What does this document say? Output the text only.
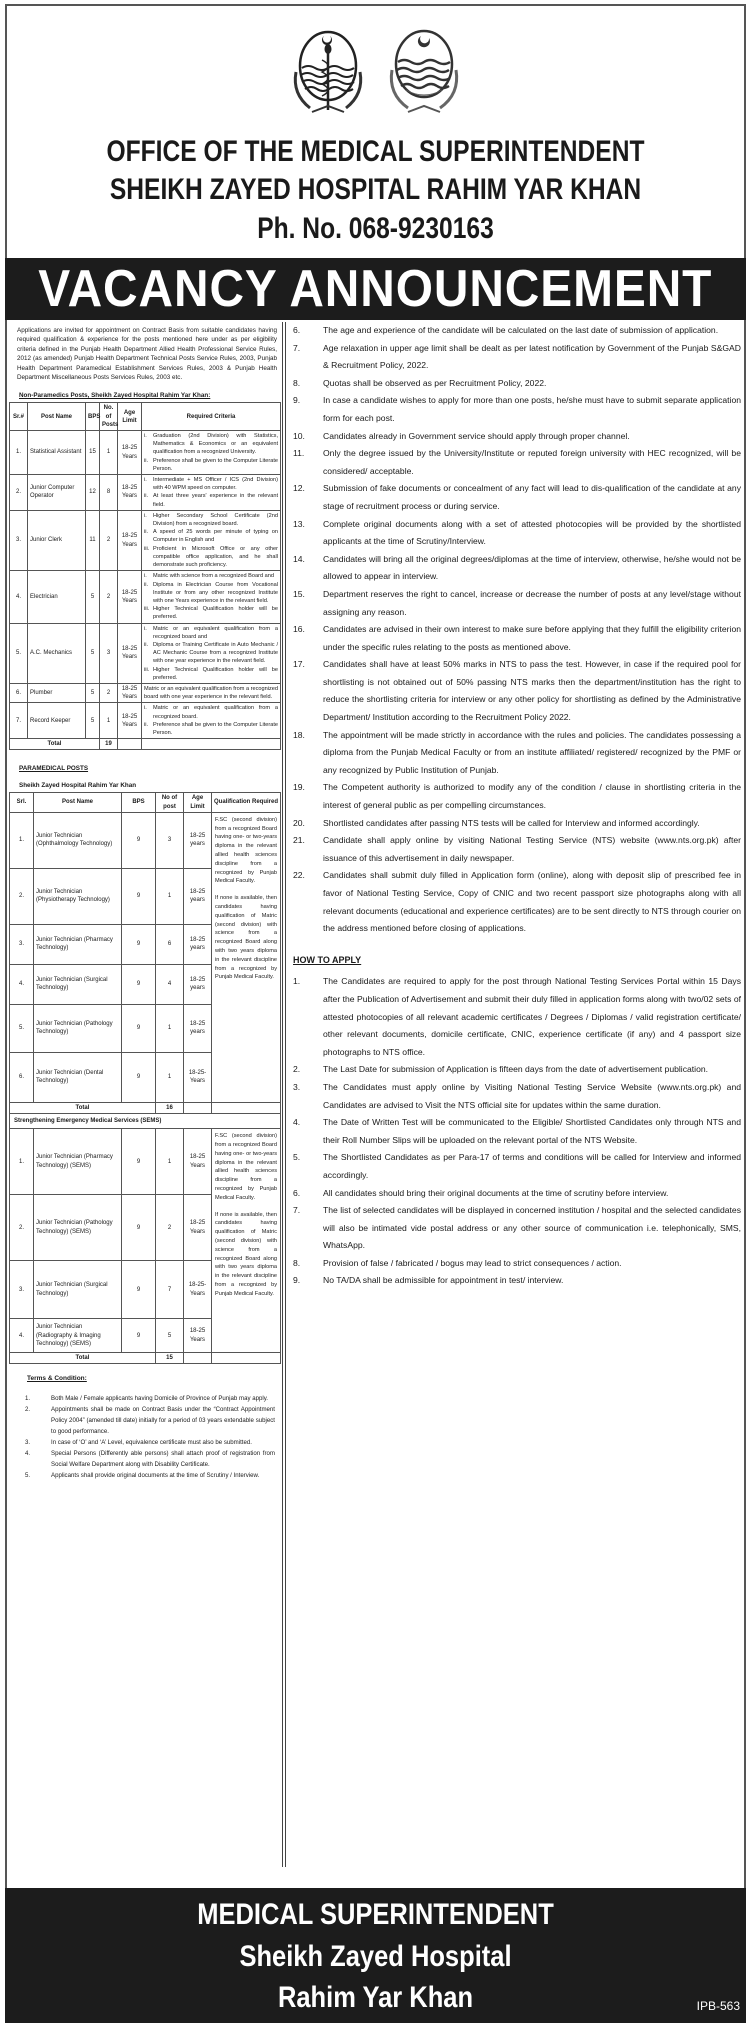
OFFICE OF THE MEDICAL SUPERINTENDENT
SHEIKH ZAYED HOSPITAL RAHIM YAR KHAN
Ph. No. 068-9230163
VACANCY ANNOUNCEMENT

Applications are invited for appointment on Contract Basis from suitable candidates having required qualification & experience for the posts mentioned here under as per eligibility criteria defined in the Punjab Health Department Allied Health Professional Service Rules, 2012 (as amended) Punjab Health Department Technical Posts Service Rules, 2003, Punjab Health Department Paramedical Establishment Services Rules, 2003 & Punjab Health Department Miscellaneous Posts Services Rules, 2003 etc.

Non-Paramedics Posts, Sheikh Zayed Hospital Rahim Yar Khan:
Sr.#	Post Name	BPS	No. of Posts	Age Limit	Required Criteria
1.	Statistical Assistant	15	1	18-25 Years	
i. Graduation (2nd Division) with Statistics, Mathematics & Economics or an equivalent qualification from a recognized University.
ii. Preference shall be given to the Computer Literate Person.

2.	Junior Computer Operator	12	8	18-25 Years	
i. Intermediate + MS Officer / ICS (2nd Division) with 40 WPM speed on computer.
ii. At least three years' experience in the relevant field.

3.	Junior Clerk	11	2	18-25 Years	
i. Higher Secondary School Certificate (2nd Division) from a recognized board.
ii. A speed of 25 words per minute of typing on Computer in English and
iii. Proficient in Microsoft Office or any other compatible office application, and he shall demonstrate such proficiency.

4.	Electrician	5	2	18-25 Years	
i. Matric with science from a recognized Board and
ii. Diploma in Electrician Course from Vocational Institute or from any other recognized Institute with one Years experience in the relevant field.
iii. Higher Technical Qualification holder will be preferred.

5.	A.C. Mechanics	5	3	18-25 Years	
i. Matric or an equivalent qualification from a recognized board and
ii. Diploma or Training Certificate in Auto Mechanic / AC Mechanic Course from a recognized Institute with one year experience in the relevant field.
iii. Higher Technical Qualification holder will be preferred.

6.	Plumber	5	2	18-25 Years	
Matric or an equivalent qualification from a recognized board with one year experience in the relevant field.

7.	Record Keeper	5	1	18-25 Years	
i. Matric or an equivalent qualification from a recognized board.
ii. Preference shall be given to the Computer Literate Person.

Total			19		
PARAMEDICAL POSTS
Sheikh Zayed Hospital Rahim Yar Khan
Srl.	Post Name	BPS	No of post	Age Limit	Qualification Required
1.	Junior Technician (Ophthalmology Technology)	9	3	18-25 years	F.SC (second division) from a recognized Board having one- or two-years diploma in the relevant allied health sciences discipline from a recognized by Punjab Medical Faculty.

If none is available, then candidates having qualification of Matric (second division) with science from a recognized Board along with two years diploma in the relevant discipline from a recognized by Punjab Medical Faculty.

2.	Junior Technician (Physiotherapy Technology)	9	1	18-25 years	
3.	Junior Technician (Pharmacy Technology)	9	6	18-25 years	
4.	Junior Technician (Surgical Technology)	9	4	18-25 years	
5.	Junior Technician (Pathology Technology)	9	1	18-25 years	
6.	Junior Technician (Dental Technology)	9	1	18-25- Years	
Total			16		
Strengthening Emergency Medical Services (SEMS)					
1.	Junior Technician (Pharmacy Technology) (SEMS)	9	1	18-25 Years	F.SC (second division) from a recognized Board having one- or two-years diploma in the relevant allied health sciences discipline from a recognized by Punjab Medical Faculty.

If none is available, then candidates having qualification of Matric (second division) with science from a recognized Board along with two years diploma in the relevant discipline from a recognized by Punjab Medical Faculty.

2.	Junior Technician (Pathology Technology) (SEMS)	9	2	18-25 Years	
3.	Junior Technician (Surgical Technology)	9	7	18-25- Years	
4.	Junior Technician (Radiography & Imaging Technology) (SEMS)	9	5	18-25 Years	
Total			15		
Terms & Condition:
1.	Both Male / Female applicants having Domicile of Province of Punjab may apply.
2.	Appointments shall be made on Contract Basis under the “Contract Appointment Policy 2004” (amended till date) initially for a period of 03 years extendable subject to good performance.
3.	In case of ‘O’ and ‘A’ Level, equivalence certificate must also be submitted.
4.	Special Persons (Differently able persons) shall attach proof of registration from Social Welfare Department along with Disability Certificate.
5.	Applicants shall provide original documents at the time of Scrutiny / Interview.
6.	The age and experience of the candidate will be calculated on the last date of submission of application.
7.	Age relaxation in upper age limit shall be dealt as per latest notification by Government of the Punjab S&GAD & Recruitment Policy, 2022.
8.	Quotas shall be observed as per Recruitment Policy, 2022.
9.	In case a candidate wishes to apply for more than one posts, he/she must have to submit separate application form for each post.
10. Candidates already in Government service should apply through proper channel.
11. Only the degree issued by the University/Institute or reputed foreign university with HEC recognized, will be considered/ acceptable.
12. Submission of fake documents or concealment of any fact will lead to dis-qualification of the candidate at any stage of recruitment process or during service.
13. Complete original documents along with a set of attested photocopies will be provided by the shortlisted applicants at the time of Scrutiny/Interview.
14. Candidates will bring all the original degrees/diplomas at the time of interview, otherwise, he/she would not be allowed to appear in interview.
15. Department reserves the right to cancel, increase or decrease the number of posts at any level/stage without assigning any reason.
16. Candidates are advised in their own interest to make sure before applying that they fulfill the eligibility criterion under the specific rules relating to the posts as mentioned above.
17. Candidates shall have at least 50% marks in NTS to pass the test. However, in case if the required pool for shortlisting is not obtained out of 50% passing NTS marks then the department/institution has the right to reduce the shortlisting criteria for interview or any other policy for shortlisting as defined by the Administrative Department/ Institution according to the Recruitment Policy 2022.
18. The appointment will be made strictly in accordance with the rules and policies. The candidates possessing a diploma from the Punjab Medical Faculty or from an institute affiliated/ registered/ recognized by the PMF or any recognized by Public Institution of Punjab.
19. The Competent authority is authorized to modify any of the condition / clause in shortlisting criteria in the interest of general public as per compelling circumstances.
20. Shortlisted candidates after passing NTS tests will be called for Interview and informed accordingly.
21. Candidate shall apply online by visiting National Testing Service (NTS) website (www.nts.org.pk) after issuance of this advertisement in daily newspaper.
22. Candidates shall submit duly filled in Application form (online), along with deposit slip of prescribed fee in favor of National Testing Service, Copy of CNIC and two recent passport size photographs along with all relevant documents (educational and experience certificates) are to be sent directly to NTS through courier on the address mentioned before closing of applications.
HOW TO APPLY
1.	The Candidates are required to apply for the post through National Testing Services Portal within 15 Days after the Publication of Advertisement and submit their duly filled in application forms along with two/02 sets of attested photocopies of all relevant academic certificates / Degrees / Diplomas / valid registration certificate/ other relevant documents, domicile certificate, CNIC, experience certificate (if any) and 4 passport size photographs to NTS office.
2.	The Last Date for submission of Application is fifteen days from the date of advertisement publication.
3.	The Candidates must apply online by Visiting National Testing Service Website (www.nts.org.pk) and Candidates are advised to Visit the NTS official site for updates within the same duration.
4.	The Date of Written Test will be communicated to the Eligible/ Shortlisted Candidates only through NTS and their Roll Number Slips will be uploaded on the relevant portal of the NTS Website.
5.	The Shortlisted Candidates as per Para-17 of terms and conditions will be called for Interview and informed accordingly.
6.	All candidates should bring their original documents at the time of scrutiny before interview.
7.	The list of selected candidates will be displayed in concerned institution / hospital and the selected candidates will also be intimated vide postal address or any other source of communication i.e. telephonically, SMS, WhatsApp.
8.	Provision of false / fabricated / bogus may lead to strict consequences / action.
9.	No TA/DA shall be admissible for appointment in test/ interview.
MEDICAL SUPERINTENDENT
Sheikh Zayed Hospital
Rahim Yar Khan	IPB-563
